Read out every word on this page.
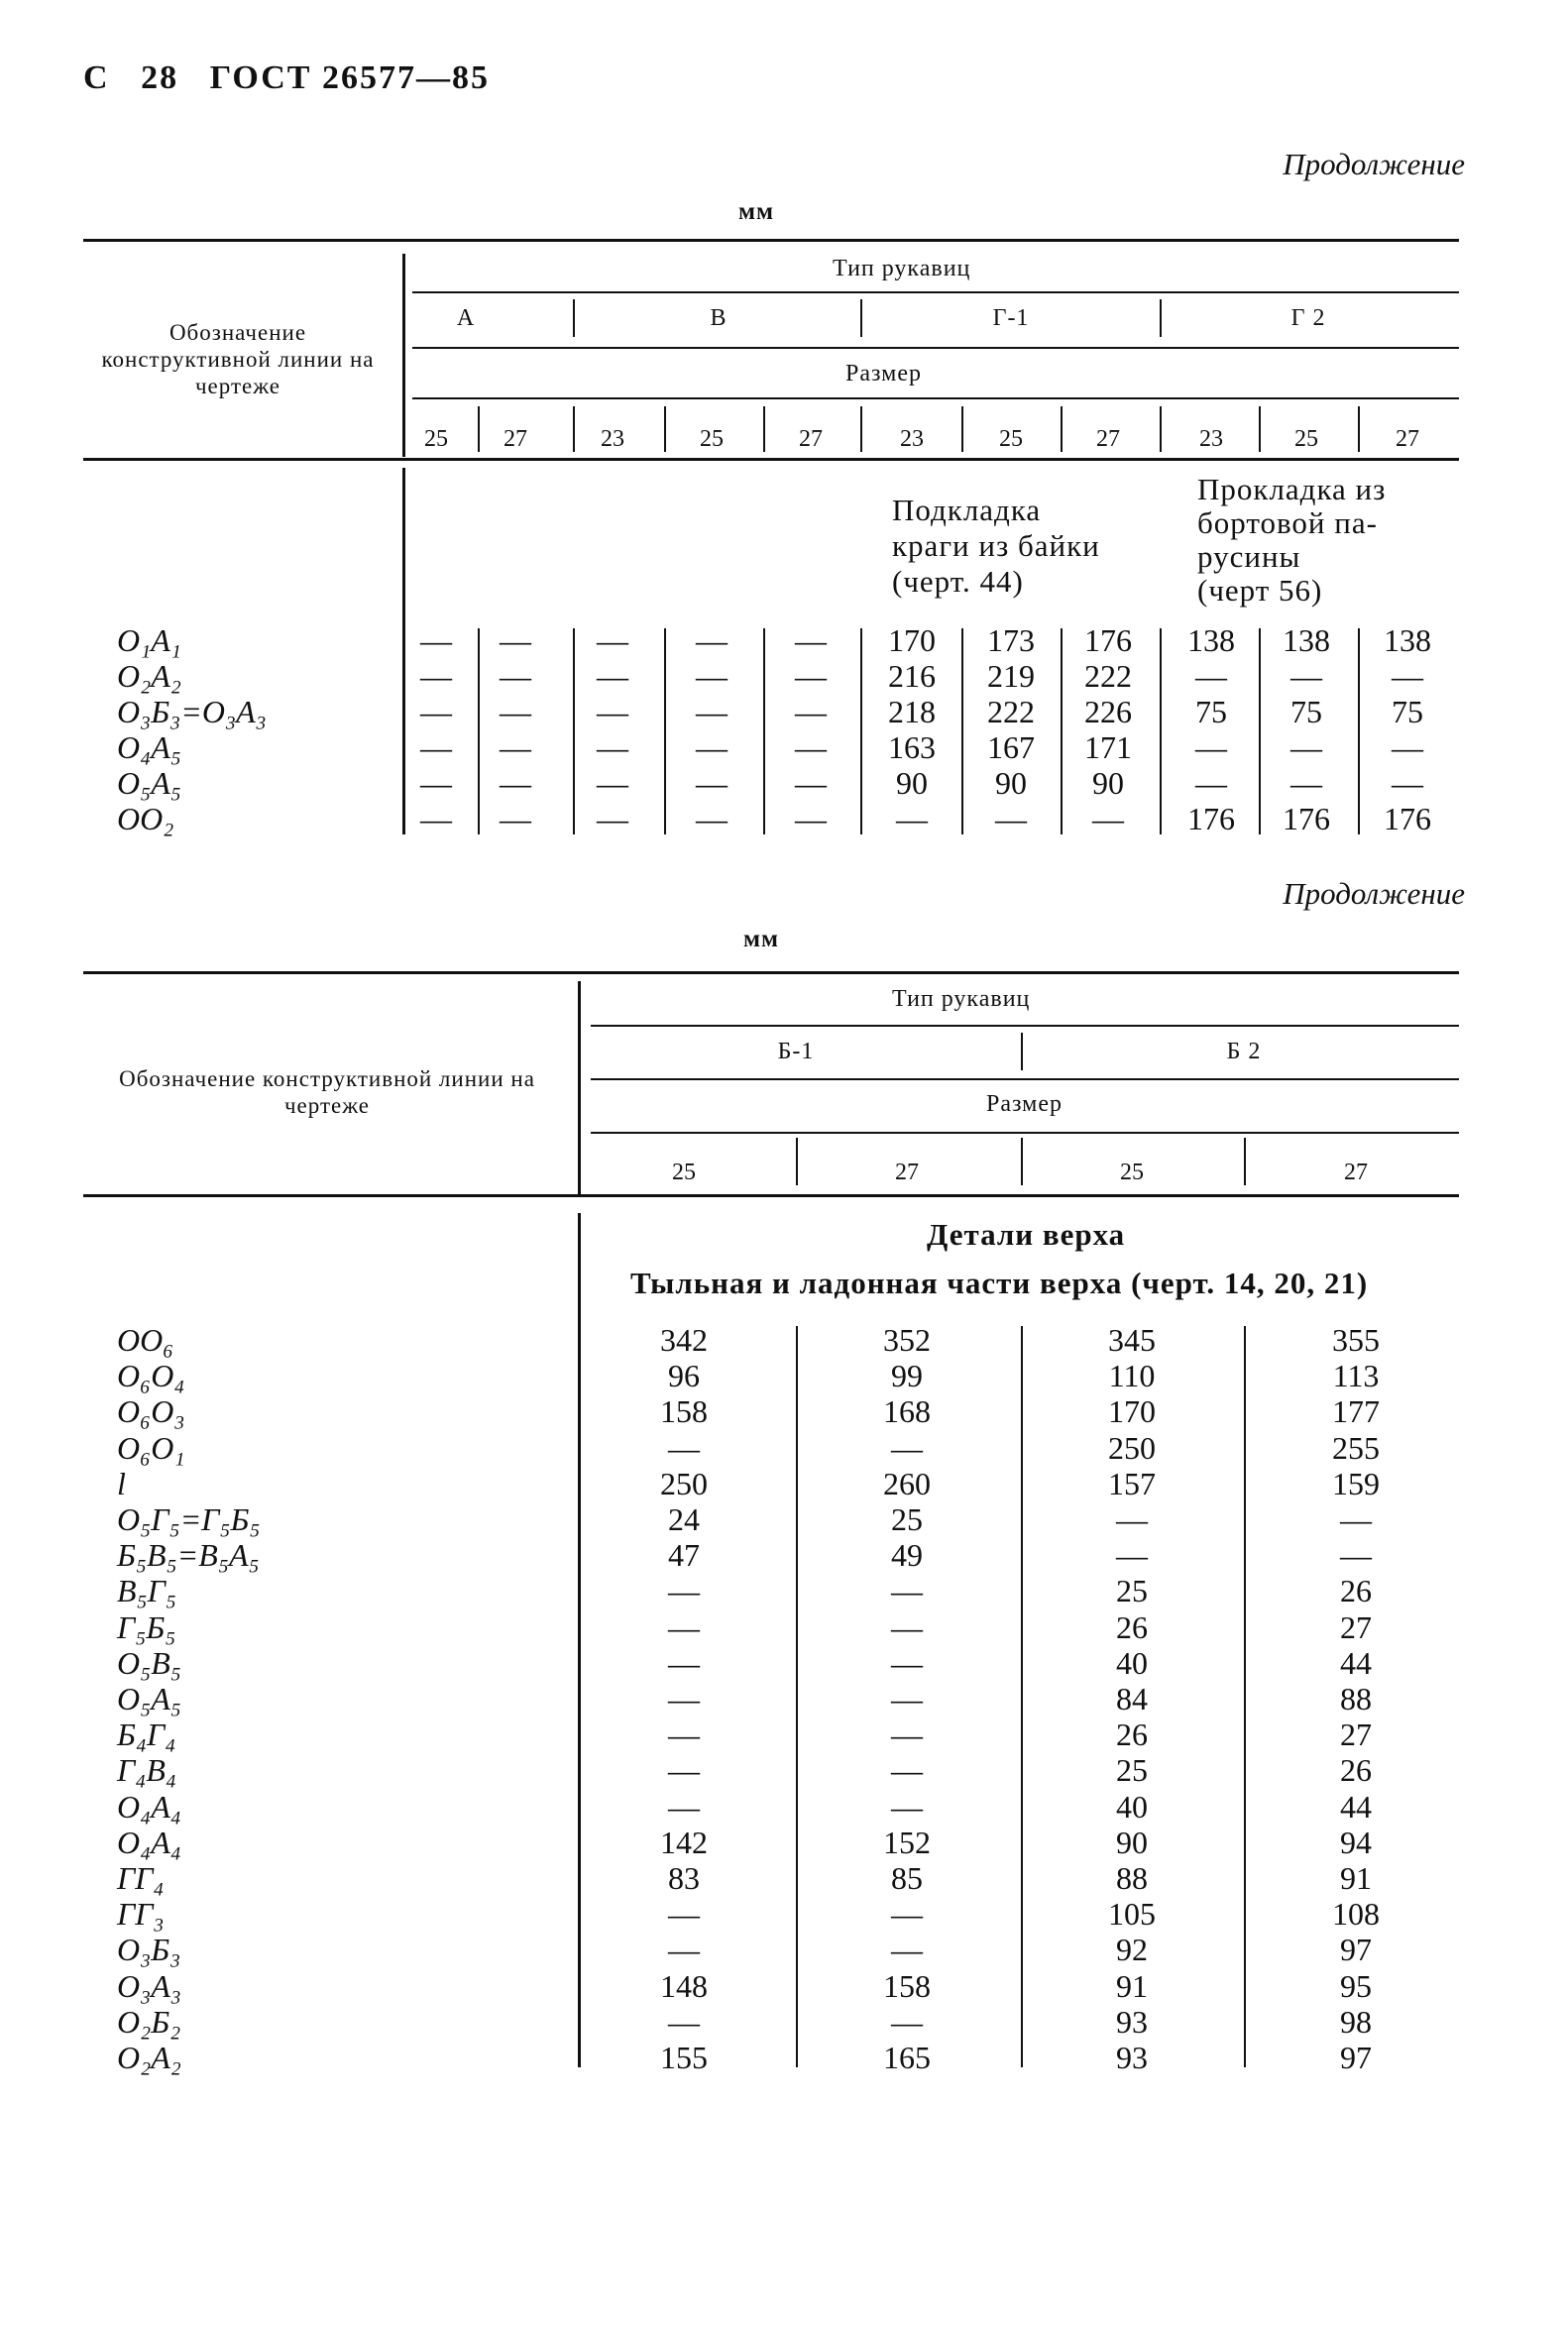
С 28 ГОСТ 26577—85
Продолжение
мм
Обозначение конструктивной линии на чертеже
Тип рукавиц
А	В	Г-1	Г 2
Размер
25	27	23	25	27	23	25	27	23	25	27
Подкладка
краги из байки
(черт. 44)
Прокладка из
бортовой па-
русины
(черт 56)
O₁A₁	—	—	—	—	—	170	173	176	138	138	138
O₂A₂	—	—	—	—	—	216	219	222	—	—	—
O₃Б₃=O₃A₃	—	—	—	—	—	218	222	226	75	75	75
O₄A₅	—	—	—	—	—	163	167	171	—	—	—
O₅A₅	—	—	—	—	—	90	90	90	—	—	—
OO₂	—	—	—	—	—	—	—	—	176	176	176
Продолжение
мм
Обозначение конструктивной линии на чертеже
Тип рукавиц
Б-1	Б 2
Размер
25	27	25	27
Детали верха
Тыльная и ладонная части верха (черт. 14, 20, 21)
OO₆	342	352	345	355
O₆O₄	96	99	110	113
O₆O₃	158	168	170	177
O₆O₁	—	—	250	255
l	250	260	157	159
O₅Г₅=Г₅Б₅	24	25	—	—
Б₅В₅=В₅A₅	47	49	—	—
В₅Г₅	—	—	25	26
Г₅Б₅	—	—	26	27
O₅В₅	—	—	40	44
O₅A₅	—	—	84	88
Б₄Г₄	—	—	26	27
Г₄В₄	—	—	25	26
O₄A₄	—	—	40	44
O₄A₄	142	152	90	94
ГГ₄	83	85	88	91
ГГ₃	—	—	105	108
O₃Б₃	—	—	92	97
O₃A₃	148	158	91	95
O₂Б₂	—	—	93	98
O₂A₂	155	165	93	97
